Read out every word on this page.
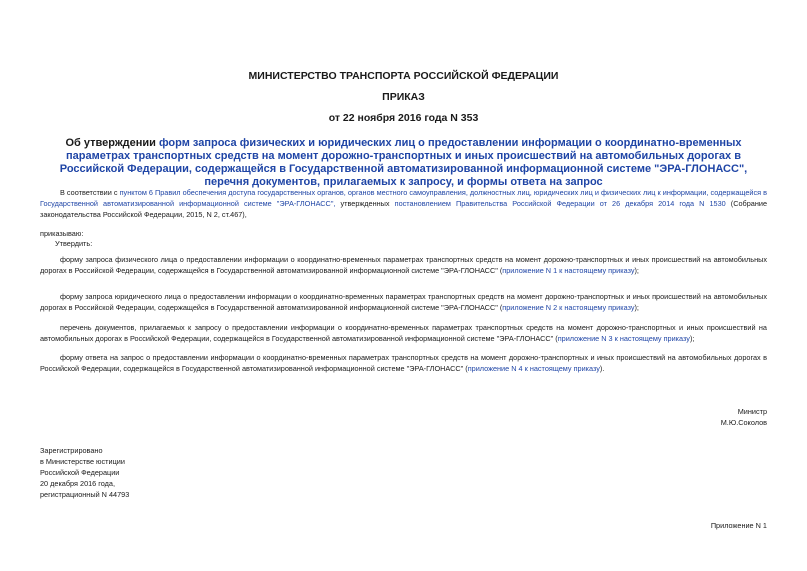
МИНИСТЕРСТВО ТРАНСПОРТА РОССИЙСКОЙ ФЕДЕРАЦИИ
ПРИКАЗ
от 22 ноября 2016 года N 353
Об утверждении форм запроса физических и юридических лиц о предоставлении информации о координатно-временных параметрах транспортных средств на момент дорожно-транспортных и иных происшествий на автомобильных дорогах в Российской Федерации, содержащейся в Государственной автоматизированной информационной системе "ЭРА-ГЛОНАСС", перечня документов, прилагаемых к запросу, и формы ответа на запрос
В соответствии с пунктом 6 Правил обеспечения доступа государственных органов, органов местного самоуправления, должностных лиц, юридических лиц и физических лиц к информации, содержащейся в Государственной автоматизированной информационной системе "ЭРА-ГЛОНАСС", утвержденных постановлением Правительства Российской Федерации от 26 декабря 2014 года N 1530 (Собрание законодательства Российской Федерации, 2015, N 2, ст.467),
приказываю:
Утвердить:
форму запроса физического лица о предоставлении информации о координатно-временных параметрах транспортных средств на момент дорожно-транспортных и иных происшествий на автомобильных дорогах в Российской Федерации, содержащейся в Государственной автоматизированной информационной системе "ЭРА-ГЛОНАСС" (приложение N 1 к настоящему приказу);
форму запроса юридического лица о предоставлении информации о координатно-временных параметрах транспортных средств на момент дорожно-транспортных и иных происшествий на автомобильных дорогах в Российской Федерации, содержащейся в Государственной автоматизированной информационной системе "ЭРА-ГЛОНАСС" (приложение N 2 к настоящему приказу);
перечень документов, прилагаемых к запросу о предоставлении информации о координатно-временных параметрах транспортных средств на момент дорожно-транспортных и иных происшествий на автомобильных дорогах в Российской Федерации, содержащейся в Государственной автоматизированной информационной системе "ЭРА-ГЛОНАСС" (приложение N 3 к настоящему приказу);
форму ответа на запрос о предоставлении информации о координатно-временных параметрах транспортных средств на момент дорожно-транспортных и иных происшествий на автомобильных дорогах в Российской Федерации, содержащейся в Государственной автоматизированной информационной системе "ЭРА-ГЛОНАСС" (приложение N 4 к настоящему приказу).
Министр
М.Ю.Соколов
Зарегистрировано
в Министерстве юстиции
Российской Федерации
20 декабря 2016 года,
регистрационный N 44793
Приложение N 1
